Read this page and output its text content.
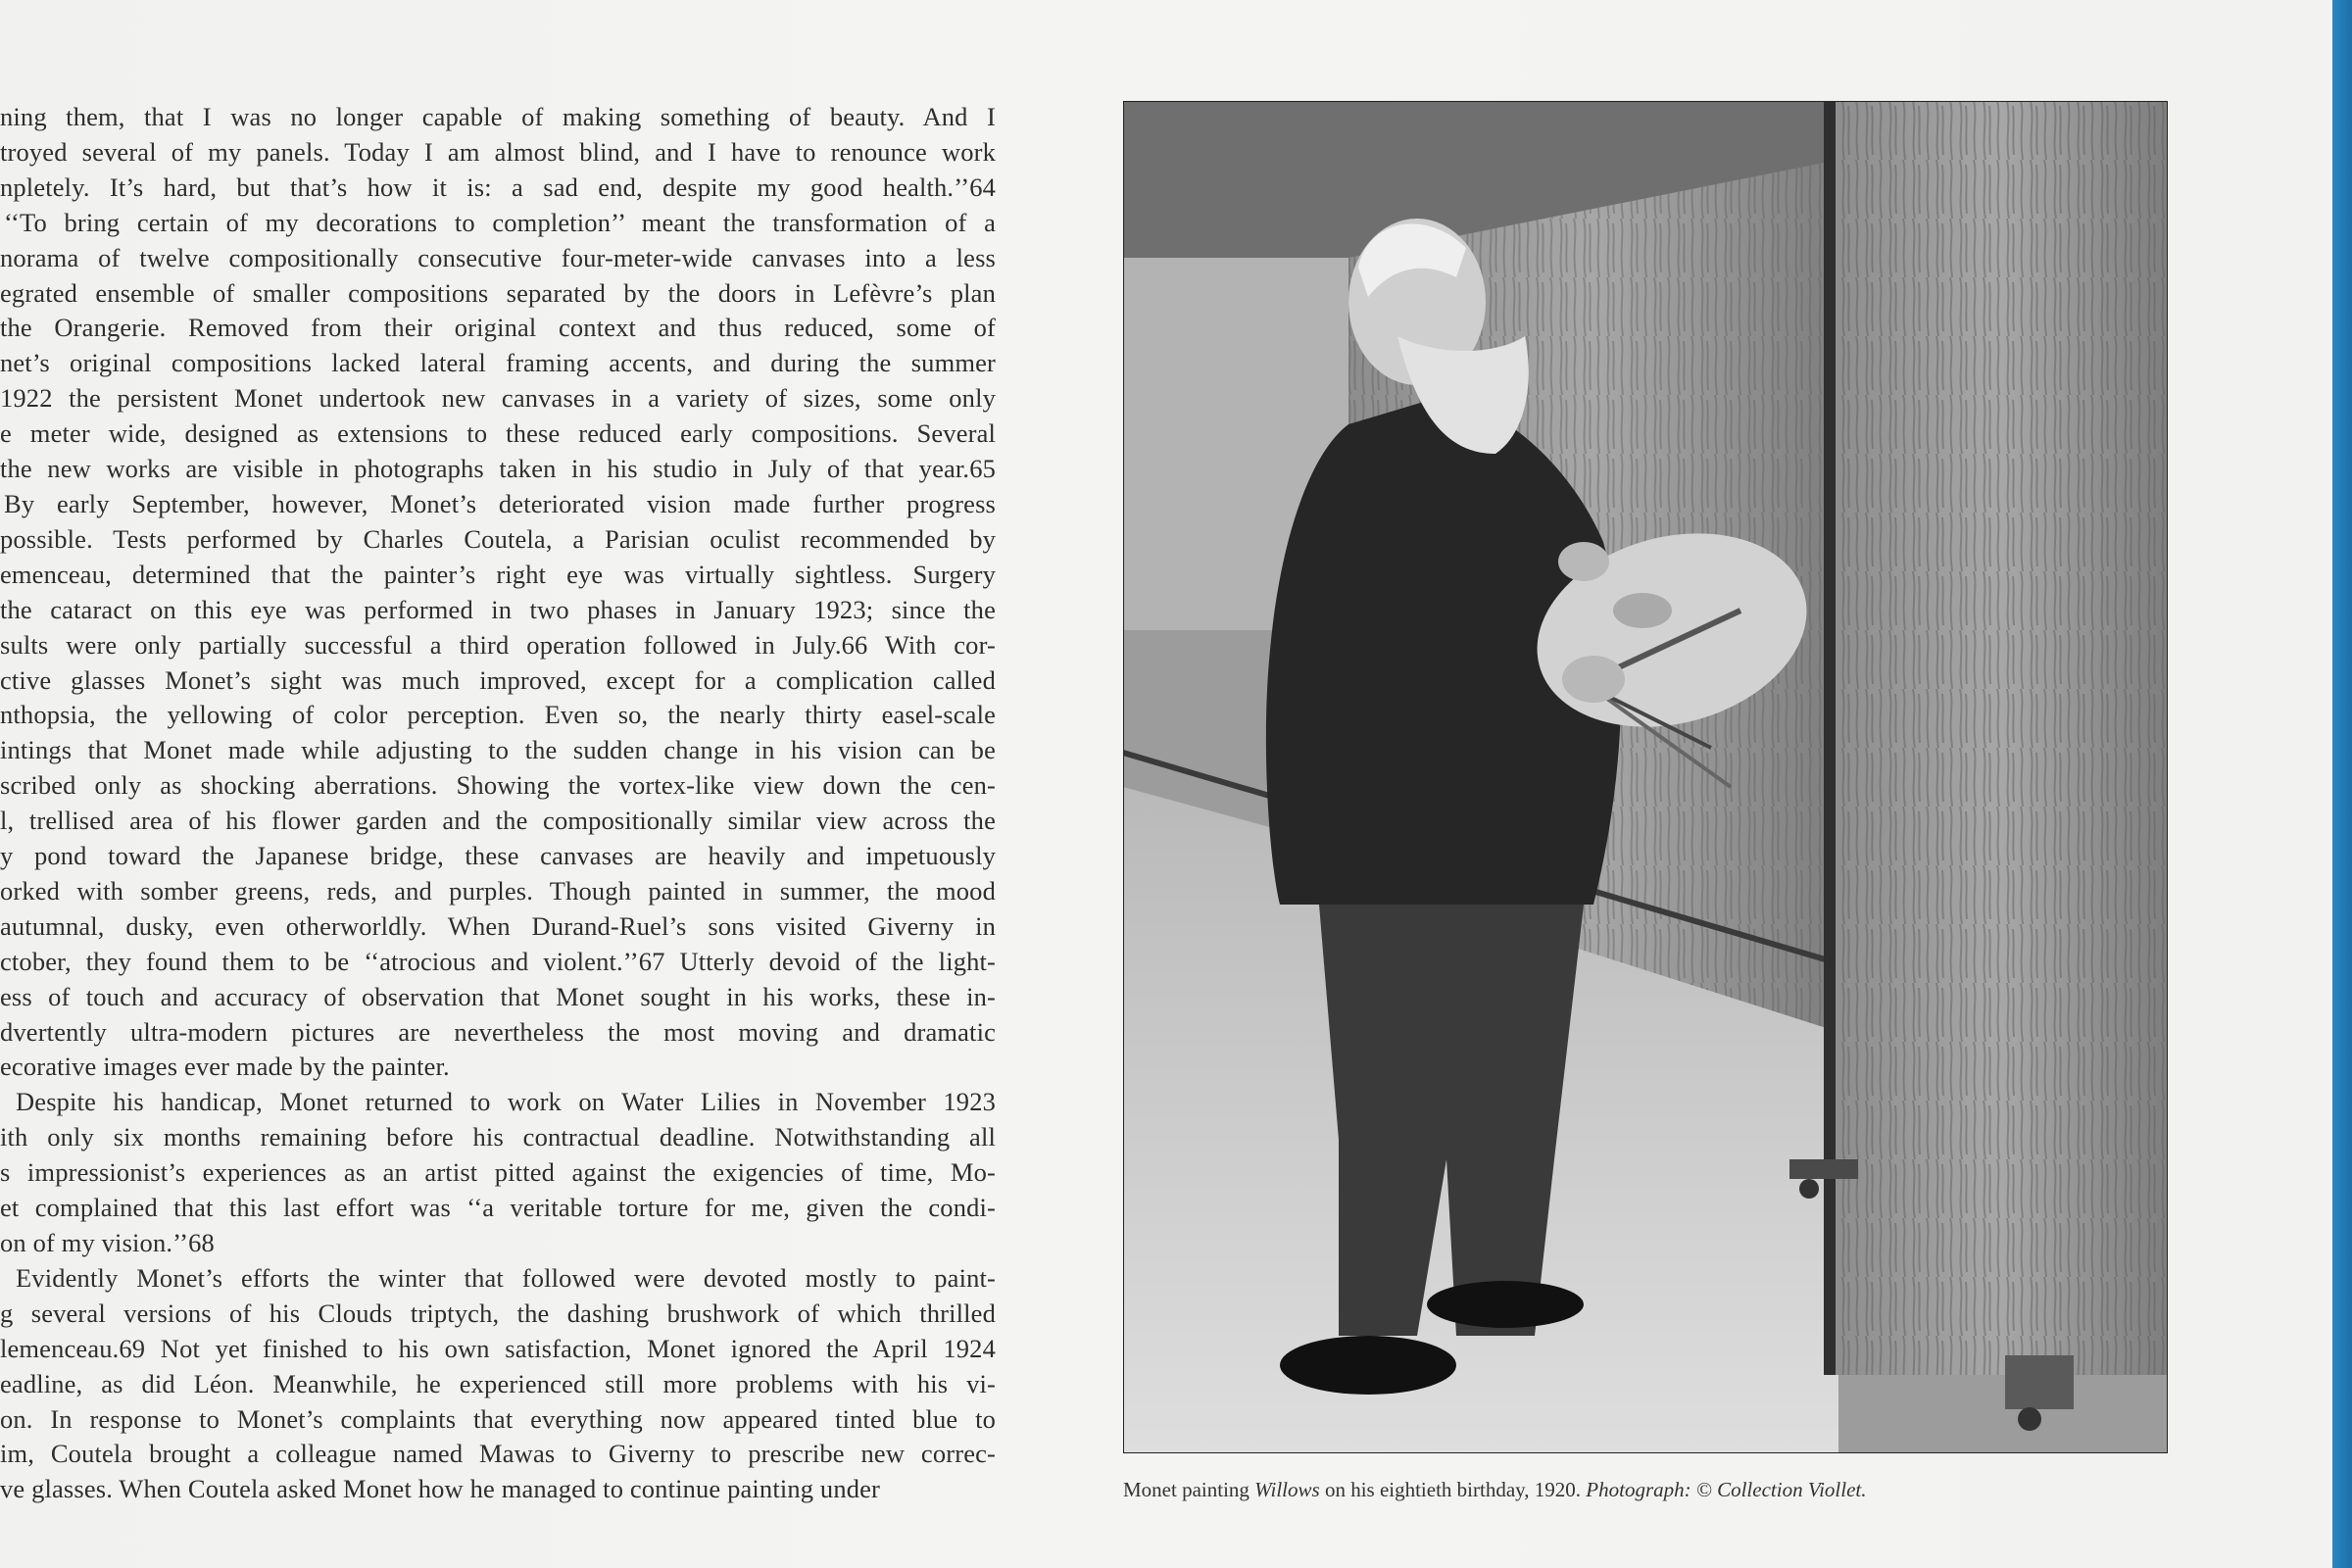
ning them, that I was no longer capable of making something of beauty. And I

troyed several of my panels. Today I am almost blind, and I have to renounce work

npletely. It’s hard, but that’s how it is: a sad end, despite my good health.’’64

‘‘To bring certain of my decorations to completion’’ meant the transformation of a

norama of twelve compositionally consecutive four-meter-wide canvases into a less

egrated ensemble of smaller compositions separated by the doors in Lefèvre’s plan

the Orangerie. Removed from their original context and thus reduced, some of

net’s original compositions lacked lateral framing accents, and during the summer

1922 the persistent Monet undertook new canvases in a variety of sizes, some only

e meter wide, designed as extensions to these reduced early compositions. Several

the new works are visible in photographs taken in his studio in July of that year.65

By early September, however, Monet’s deteriorated vision made further progress

possible. Tests performed by Charles Coutela, a Parisian oculist recommended by

emenceau, determined that the painter’s right eye was virtually sightless. Surgery

the cataract on this eye was performed in two phases in January 1923; since the

sults were only partially successful a third operation followed in July.66 With cor-

ctive glasses Monet’s sight was much improved, except for a complication called

nthopsia, the yellowing of color perception. Even so, the nearly thirty easel-scale

intings that Monet made while adjusting to the sudden change in his vision can be

scribed only as shocking aberrations. Showing the vortex-like view down the cen-

l, trellised area of his flower garden and the compositionally similar view across the

y pond toward the Japanese bridge, these canvases are heavily and impetuously

orked with somber greens, reds, and purples. Though painted in summer, the mood

autumnal, dusky, even otherworldly. When Durand-Ruel’s sons visited Giverny in

ctober, they found them to be ‘‘atrocious and violent.’’67 Utterly devoid of the light-

ess of touch and accuracy of observation that Monet sought in his works, these in-

dvertently ultra-modern pictures are nevertheless the most moving and dramatic

ecorative images ever made by the painter.

Despite his handicap, Monet returned to work on Water Lilies in November 1923

ith only six months remaining before his contractual deadline. Notwithstanding all

s impressionist’s experiences as an artist pitted against the exigencies of time, Mo-

et complained that this last effort was ‘‘a veritable torture for me, given the condi-

on of my vision.’’68

Evidently Monet’s efforts the winter that followed were devoted mostly to paint-

g several versions of his Clouds triptych, the dashing brushwork of which thrilled

lemenceau.69 Not yet finished to his own satisfaction, Monet ignored the April 1924

eadline, as did Léon. Meanwhile, he experienced still more problems with his vi-

on. In response to Monet’s complaints that everything now appeared tinted blue to

im, Coutela brought a colleague named Mawas to Giverny to prescribe new correc-

ve glasses. When Coutela asked Monet how he managed to continue painting under	Monet painting Willows on his eightieth birthday, 1920. Photograph: © Collection Viollet.
